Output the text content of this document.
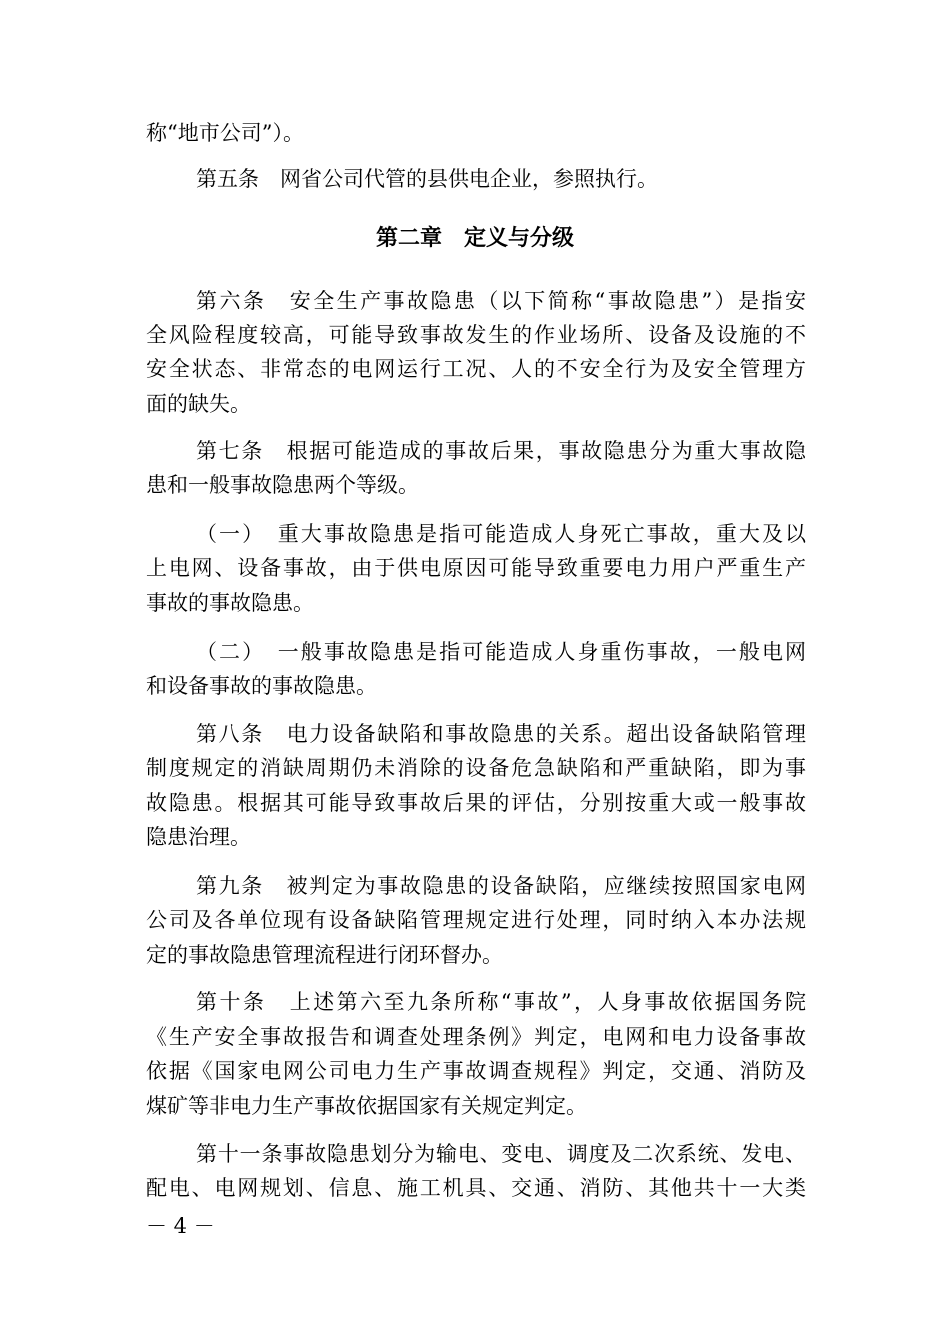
称“地市公司”）。
第五条　网省公司代管的县供电企业，参照执行。
第二章　定义与分级
第六条　安全生产事故隐患（以下简称“事故隐患”）是指安
全风险程度较高，可能导致事故发生的作业场所、设备及设施的不
安全状态、非常态的电网运行工况、人的不安全行为及安全管理方
面的缺失。
第七条　根据可能造成的事故后果，事故隐患分为重大事故隐
患和一般事故隐患两个等级。
（一）　重大事故隐患是指可能造成人身死亡事故，重大及以
上电网、设备事故，由于供电原因可能导致重要电力用户严重生产
事故的事故隐患。
（二）　一般事故隐患是指可能造成人身重伤事故，一般电网
和设备事故的事故隐患。
第八条　电力设备缺陷和事故隐患的关系。超出设备缺陷管理
制度规定的消缺周期仍未消除的设备危急缺陷和严重缺陷，即为事
故隐患。根据其可能导致事故后果的评估，分别按重大或一般事故
隐患治理。
第九条　被判定为事故隐患的设备缺陷，应继续按照国家电网
公司及各单位现有设备缺陷管理规定进行处理，同时纳入本办法规
定的事故隐患管理流程进行闭环督办。
第十条　上述第六至九条所称“事故”，人身事故依据国务院
《生产安全事故报告和调查处理条例》判定，电网和电力设备事故
依据《国家电网公司电力生产事故调查规程》判定，交通、消防及
煤矿等非电力生产事故依据国家有关规定判定。
第十一条事故隐患划分为输电、变电、调度及二次系统、发电、
配电、电网规划、信息、施工机具、交通、消防、其他共十一大类
－ 4 －
